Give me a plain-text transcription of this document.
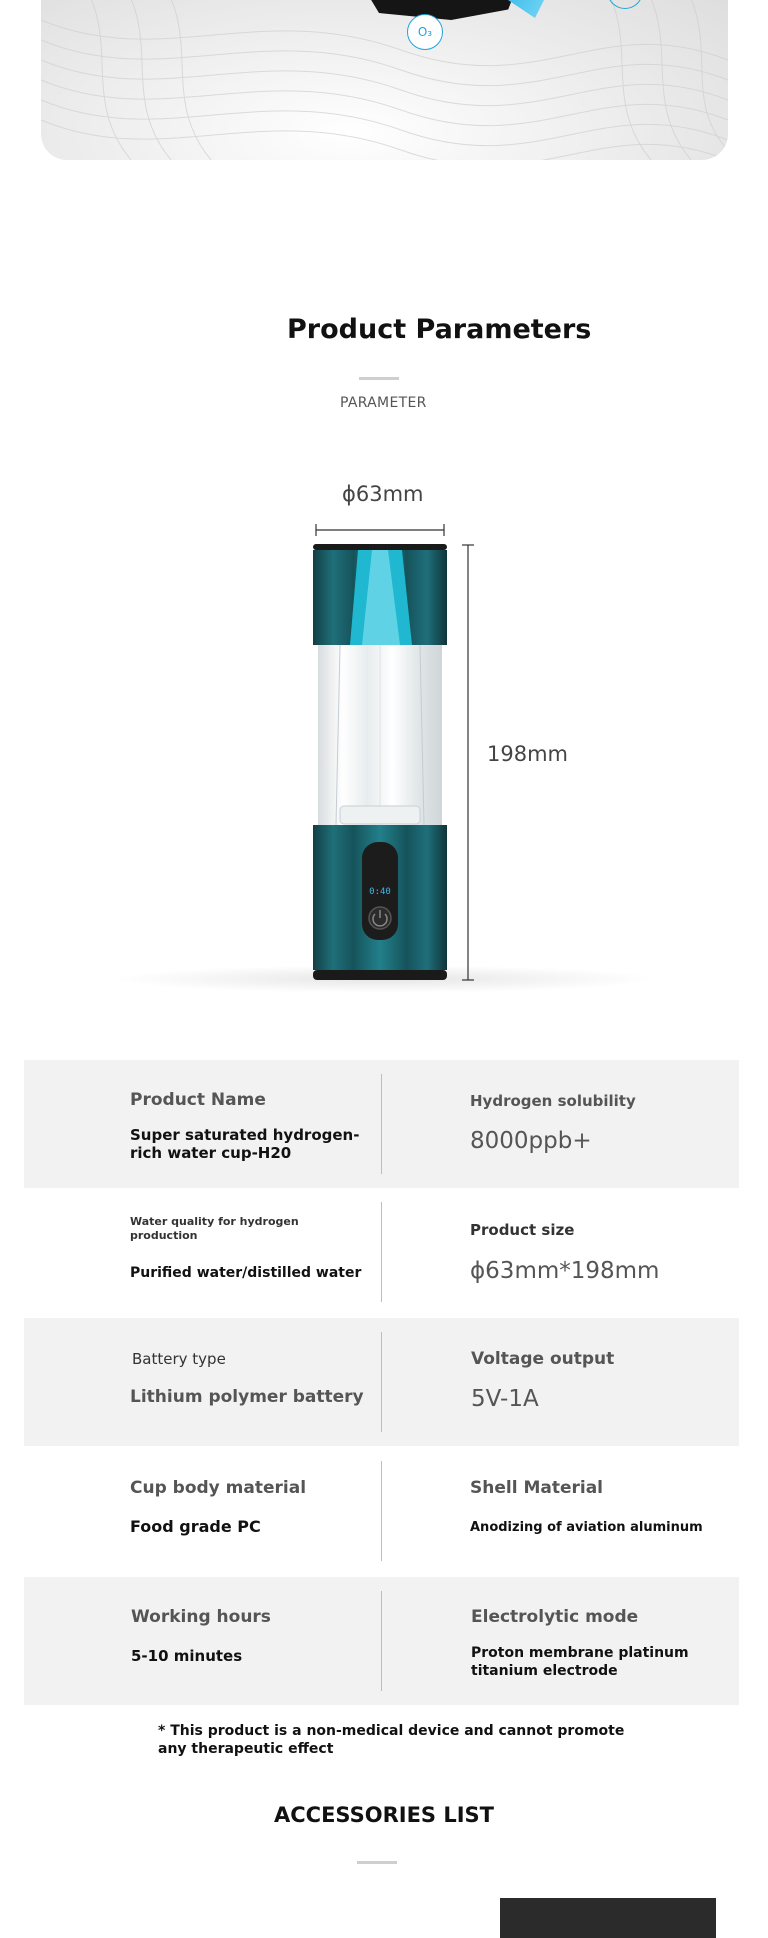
O₃
Product Parameters
PARAMETER
ϕ63mm
198mm
0:40
Product Name
Super saturated hydrogen-rich water cup-H20
Hydrogen solubility
8000ppb+
Water quality for hydrogen production
Purified water/distilled water
Product size
ϕ63mm*198mm
Battery type
Lithium polymer battery
Voltage output
5V-1A
Cup body material
Food grade PC
Shell Material
Anodizing of aviation aluminum
Working hours
5-10 minutes
Electrolytic mode
Proton membrane platinum titanium electrode
* This product is a non-medical device and cannot promote any therapeutic effect
ACCESSORIES LIST
